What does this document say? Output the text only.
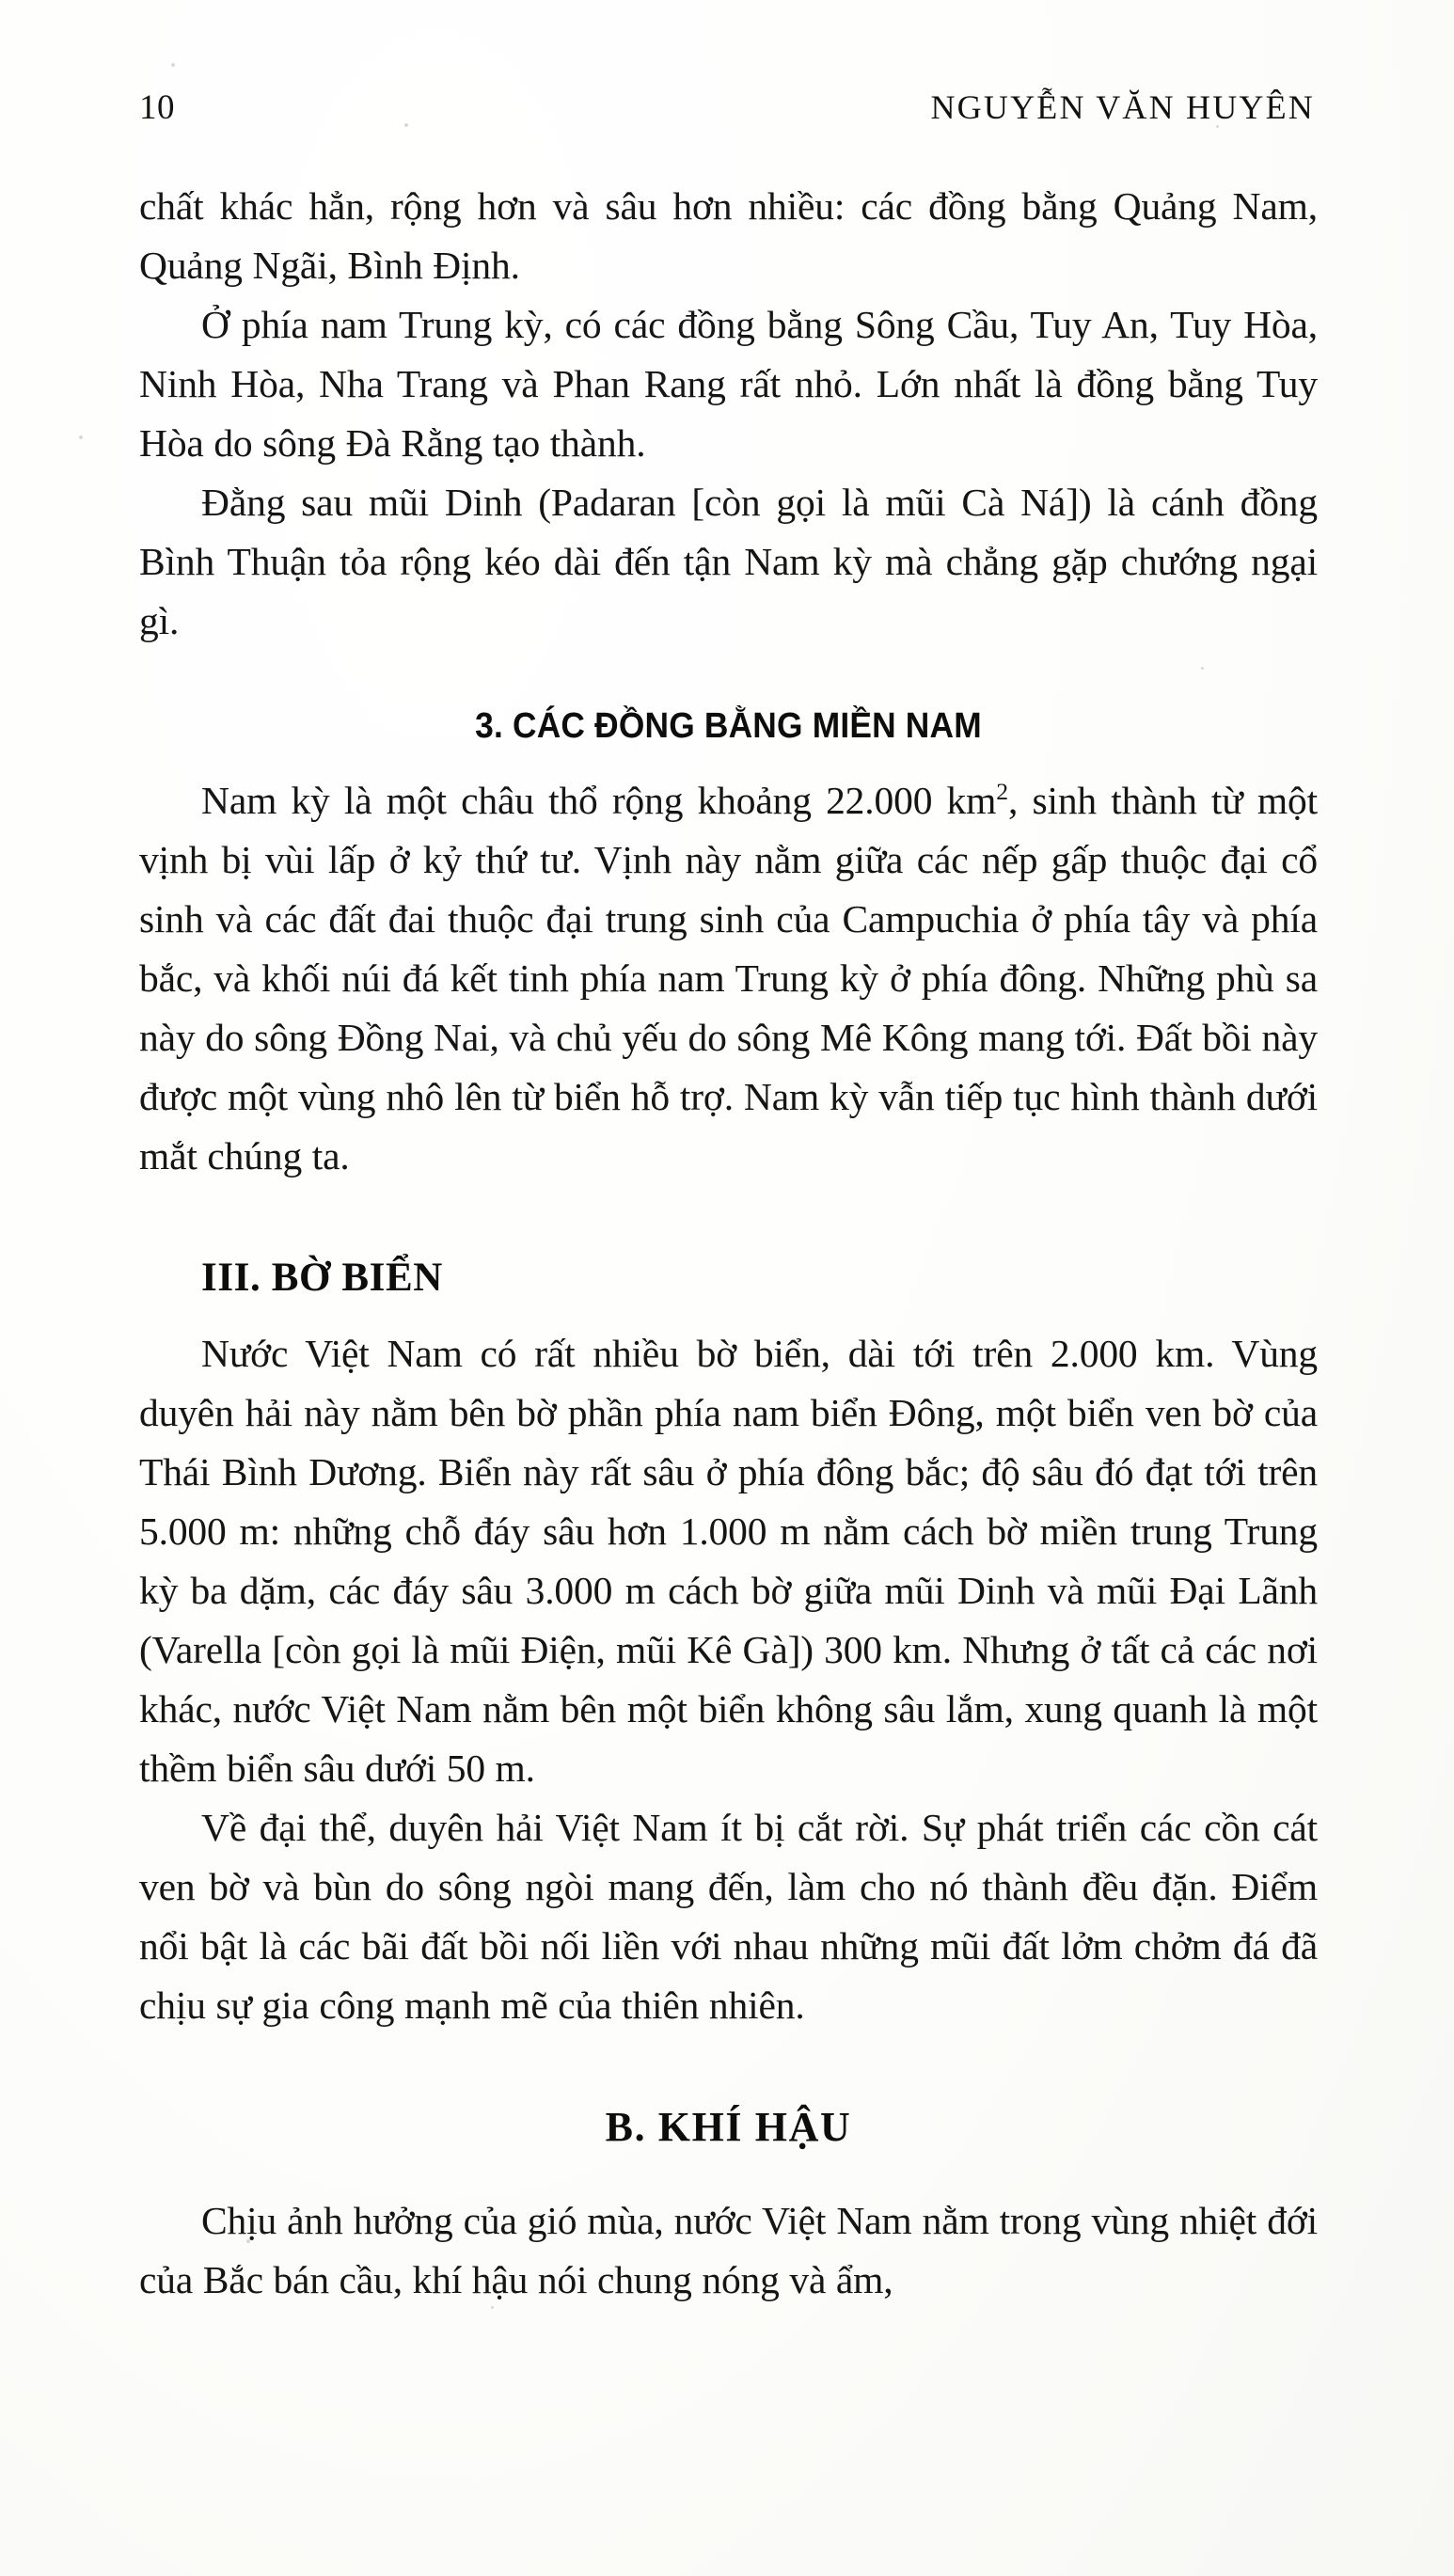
10	NGUYỄN VĂN HUYÊN

chất khác hẳn, rộng hơn và sâu hơn nhiều: các đồng bằng Quảng Nam, Quảng Ngãi, Bình Định.

Ở phía nam Trung kỳ, có các đồng bằng Sông Cầu, Tuy An, Tuy Hòa, Ninh Hòa, Nha Trang và Phan Rang rất nhỏ. Lớn nhất là đồng bằng Tuy Hòa do sông Đà Rằng tạo thành.

Đằng sau mũi Dinh (Padaran [còn gọi là mũi Cà Ná]) là cánh đồng Bình Thuận tỏa rộng kéo dài đến tận Nam kỳ mà chẳng gặp chướng ngại gì.

3. CÁC ĐỒNG BẰNG MIỀN NAM

Nam kỳ là một châu thổ rộng khoảng 22.000 $km^2$, sinh thành từ một vịnh bị vùi lấp ở kỷ thứ tư. Vịnh này nằm giữa các nếp gấp thuộc đại cổ sinh và các đất đai thuộc đại trung sinh của Campuchia ở phía tây và phía bắc, và khối núi đá kết tinh phía nam Trung kỳ ở phía đông. Những phù sa này do sông Đồng Nai, và chủ yếu do sông Mê Kông mang tới. Đất bồi này được một vùng nhô lên từ biển hỗ trợ. Nam kỳ vẫn tiếp tục hình thành dưới mắt chúng ta.

III. BỜ BIỂN

Nước Việt Nam có rất nhiều bờ biển, dài tới trên 2.000 km. Vùng duyên hải này nằm bên bờ phần phía nam biển Đông, một biển ven bờ của Thái Bình Dương. Biển này rất sâu ở phía đông bắc; độ sâu đó đạt tới trên 5.000 m: những chỗ đáy sâu hơn 1.000 m nằm cách bờ miền trung Trung kỳ ba dặm, các đáy sâu 3.000 m cách bờ giữa mũi Dinh và mũi Đại Lãnh (Varella [còn gọi là mũi Điện, mũi Kê Gà]) 300 km. Nhưng ở tất cả các nơi khác, nước Việt Nam nằm bên một biển không sâu lắm, xung quanh là một thềm biển sâu dưới 50 m.

Về đại thể, duyên hải Việt Nam ít bị cắt rời. Sự phát triển các cồn cát ven bờ và bùn do sông ngòi mang đến, làm cho nó thành đều đặn. Điểm nổi bật là các bãi đất bồi nối liền với nhau những mũi đất lởm chởm đá đã chịu sự gia công mạnh mẽ của thiên nhiên.

B. KHÍ HẬU

Chịu ảnh hưởng của gió mùa, nước Việt Nam nằm trong vùng nhiệt đới của Bắc bán cầu, khí hậu nói chung nóng và ẩm,
